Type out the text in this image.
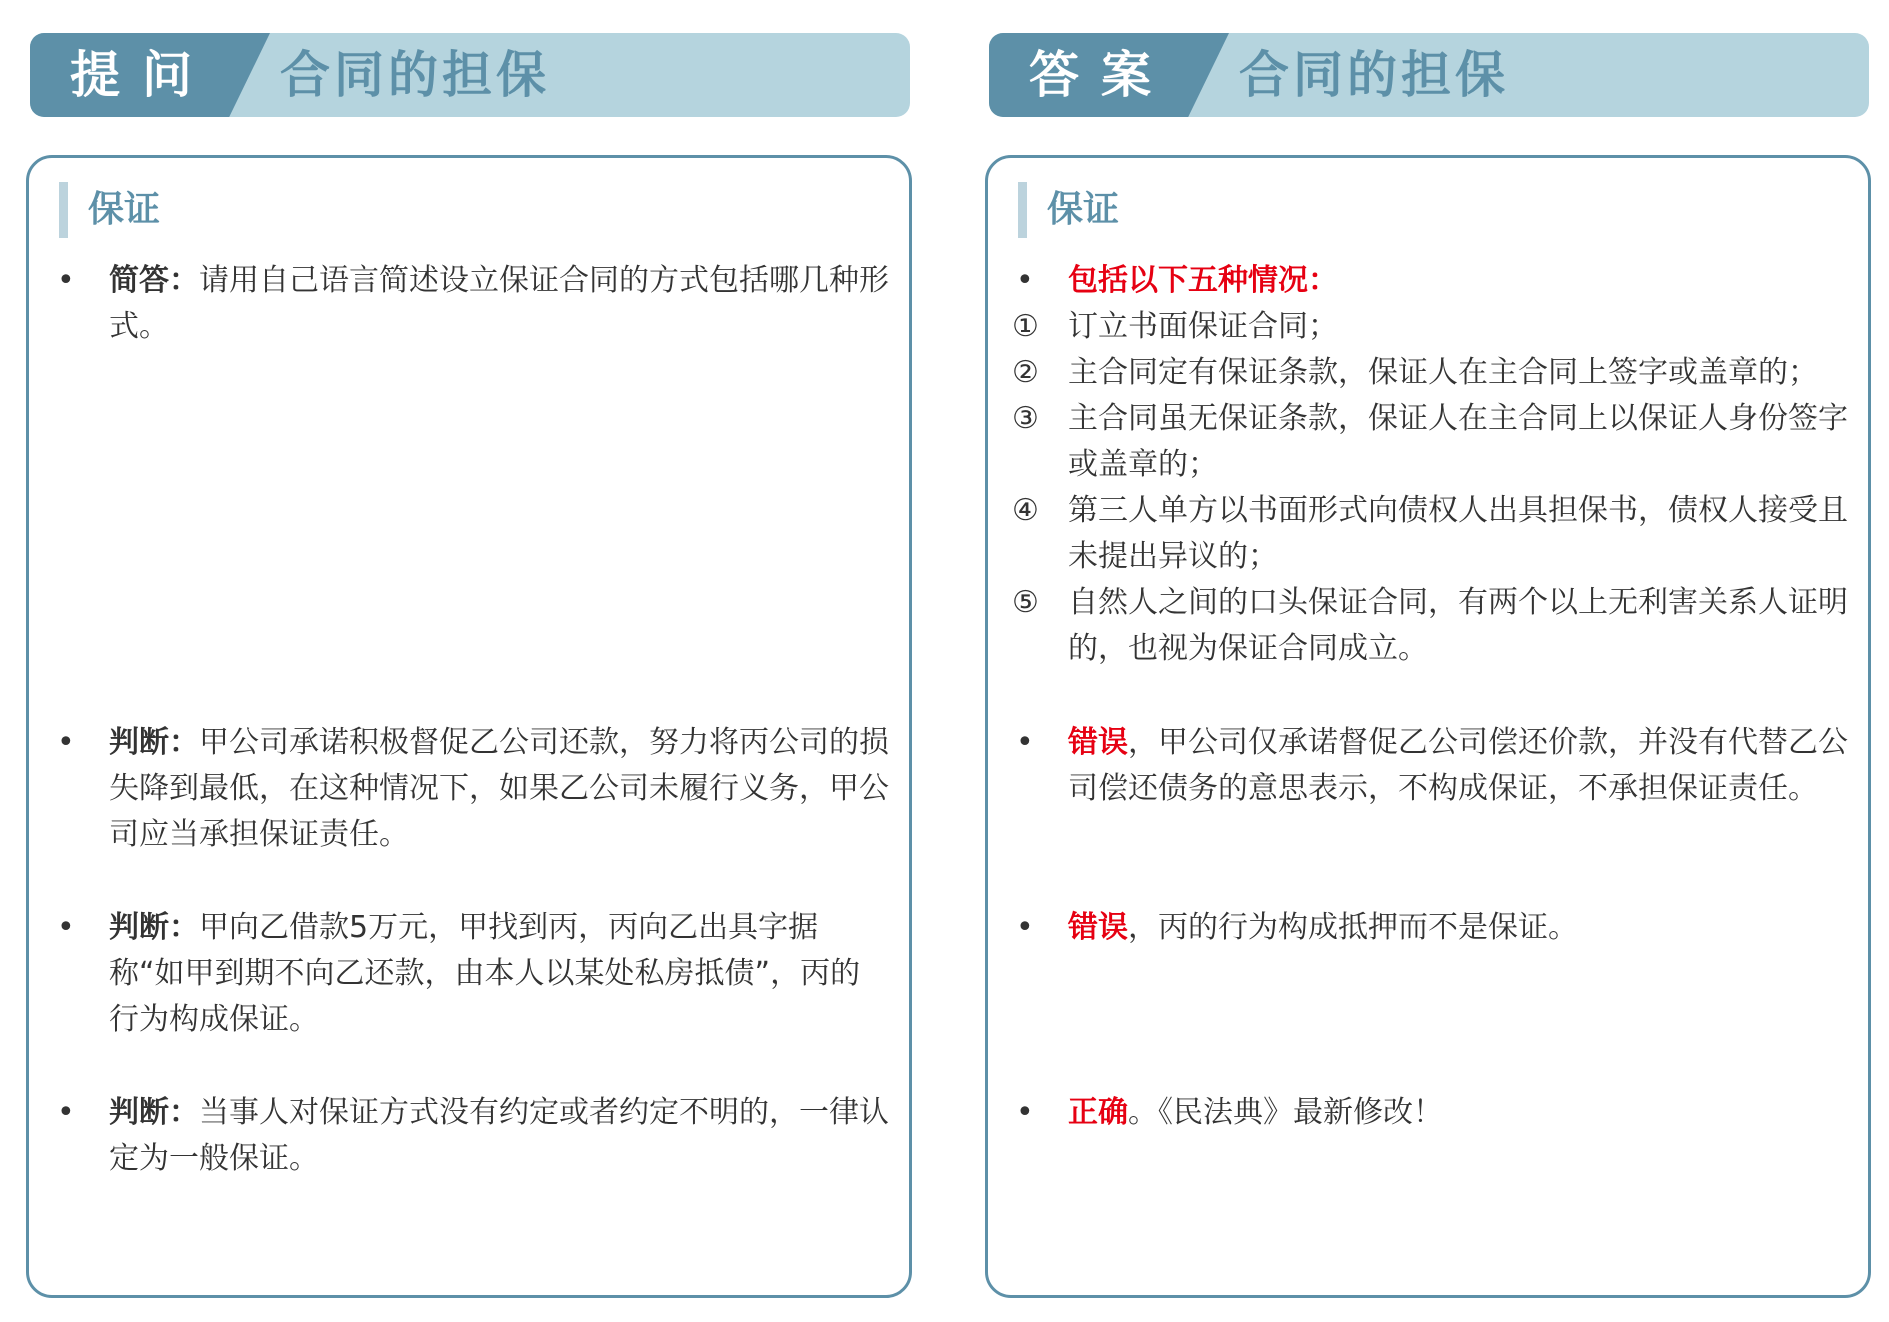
提问 合同的担保
保证
• 简答：请用自己语言简述设立保证合同的方式包括哪几种形式。
• 判断：甲公司承诺积极督促乙公司还款，努力将丙公司的损失降到最低，在这种情况下，如果乙公司未履行义务，甲公司应当承担保证责任。
• 判断：甲向乙借款5万元，甲找到丙，丙向乙出具字据称“如甲到期不向乙还款，由本人以某处私房抵债”，丙的行为构成保证。
• 判断：当事人对保证方式没有约定或者约定不明的，一律认定为一般保证。
答案 合同的担保
保证
• 包括以下五种情况：
① 订立书面保证合同；
② 主合同定有保证条款，保证人在主合同上签字或盖章的；
③ 主合同虽无保证条款，保证人在主合同上以保证人身份签字或盖章的；
④ 第三人单方以书面形式向债权人出具担保书，债权人接受且未提出异议的；
⑤ 自然人之间的口头保证合同，有两个以上无利害关系人证明的，也视为保证合同成立。
• 错误，甲公司仅承诺督促乙公司偿还价款，并没有代替乙公司偿还债务的意思表示，不构成保证，不承担保证责任。
• 错误，丙的行为构成抵押而不是保证。
• 正确。《民法典》最新修改！
